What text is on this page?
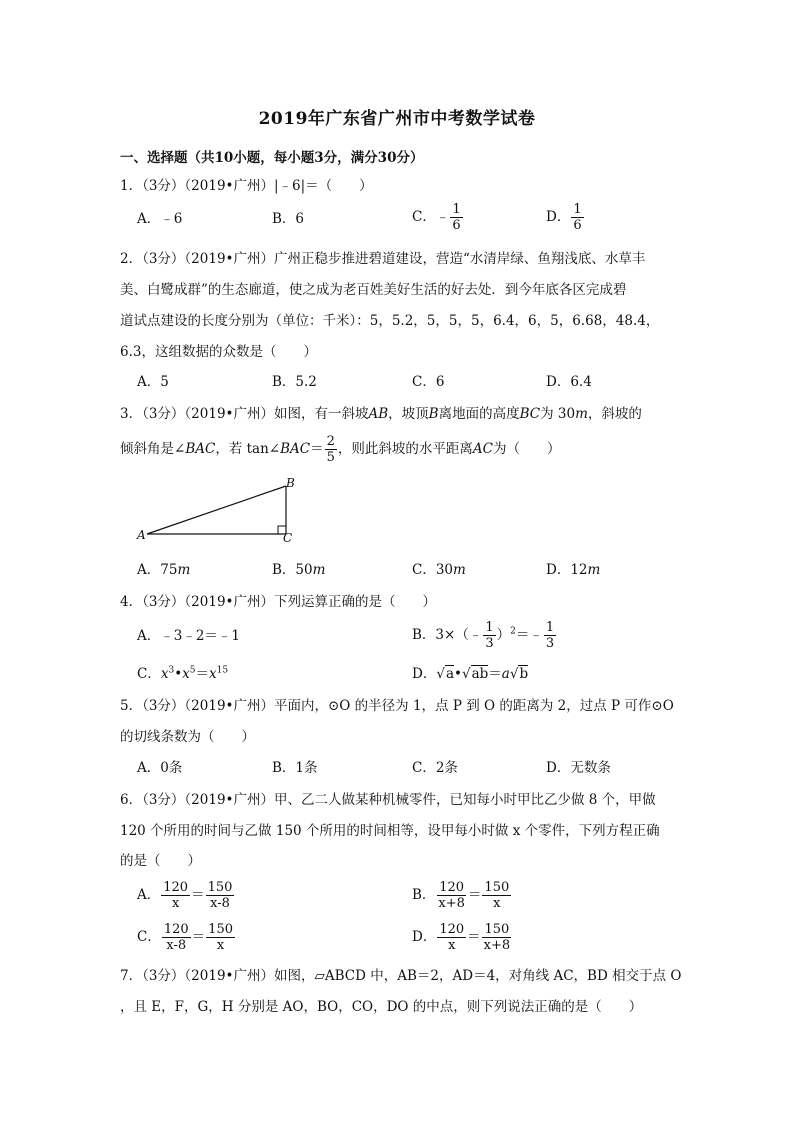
2019年广东省广州市中考数学试卷
一、选择题（共10小题，每小题3分，满分30分）
1．（3分）（2019•广州）|﹣6|＝（　　）
A．﹣6	B．6	C．﹣ $\frac{1}{6}$	D． $\frac{1}{6}$
2．（3分）（2019•广州）广州正稳步推进碧道建设，营造“水清岸绿、鱼翔浅底、水草丰
美、白鹭成群”的生态廊道，使之成为老百姓美好生活的好去处．到今年底各区完成碧
道试点建设的长度分别为（单位：千米）：5，5.2，5，5，5，6.4，6，5，6.68，48.4，
6.3，这组数据的众数是（　　）
A．5	B．5.2	C．6	D．6.4
3．（3分）（2019•广州）如图，有一斜坡AB，坡顶B离地面的高度BC为 30m，斜坡的
倾斜角是∠BAC，若 tan∠BAC＝ $\frac{2}{5}$ ，则此斜坡的水平距离AC为（　　）
A
B
C
A．75m	B．50m	C．30m	D．12m
4．（3分）（2019•广州）下列运算正确的是（　　）
A．﹣3﹣2＝﹣1	B．3×（﹣ $\frac{1}{3}$ ）$^2$＝﹣ $\frac{1}{3}$
C．$x^3•x^5=x^{15}$	D．√a•√ab＝a√b
5．（3分）（2019•广州）平面内，⊙O 的半径为 1，点 P 到 O 的距离为 2，过点 P 可作⊙O
的切线条数为（　　）
A．0条	B．1条	C．2条	D．无数条
6．（3分）（2019•广州）甲、乙二人做某种机械零件，已知每小时甲比乙少做 8 个，甲做
120 个所用的时间与乙做 150 个所用的时间相等，设甲每小时做 x 个零件，下列方程正确
的是（　　）
A． $\frac{120}{x} = \frac{150}{x-8}$	B． $\frac{120}{x+8} = \frac{150}{x}$
C． $\frac{120}{x-8} = \frac{150}{x}$	D． $\frac{120}{x} = \frac{150}{x+8}$
7．（3分）（2019•广州）如图，▱ABCD 中，AB＝2，AD＝4，对角线 AC，BD 相交于点 O
，且 E，F，G，H 分别是 AO，BO，CO，DO 的中点，则下列说法正确的是（　　）
